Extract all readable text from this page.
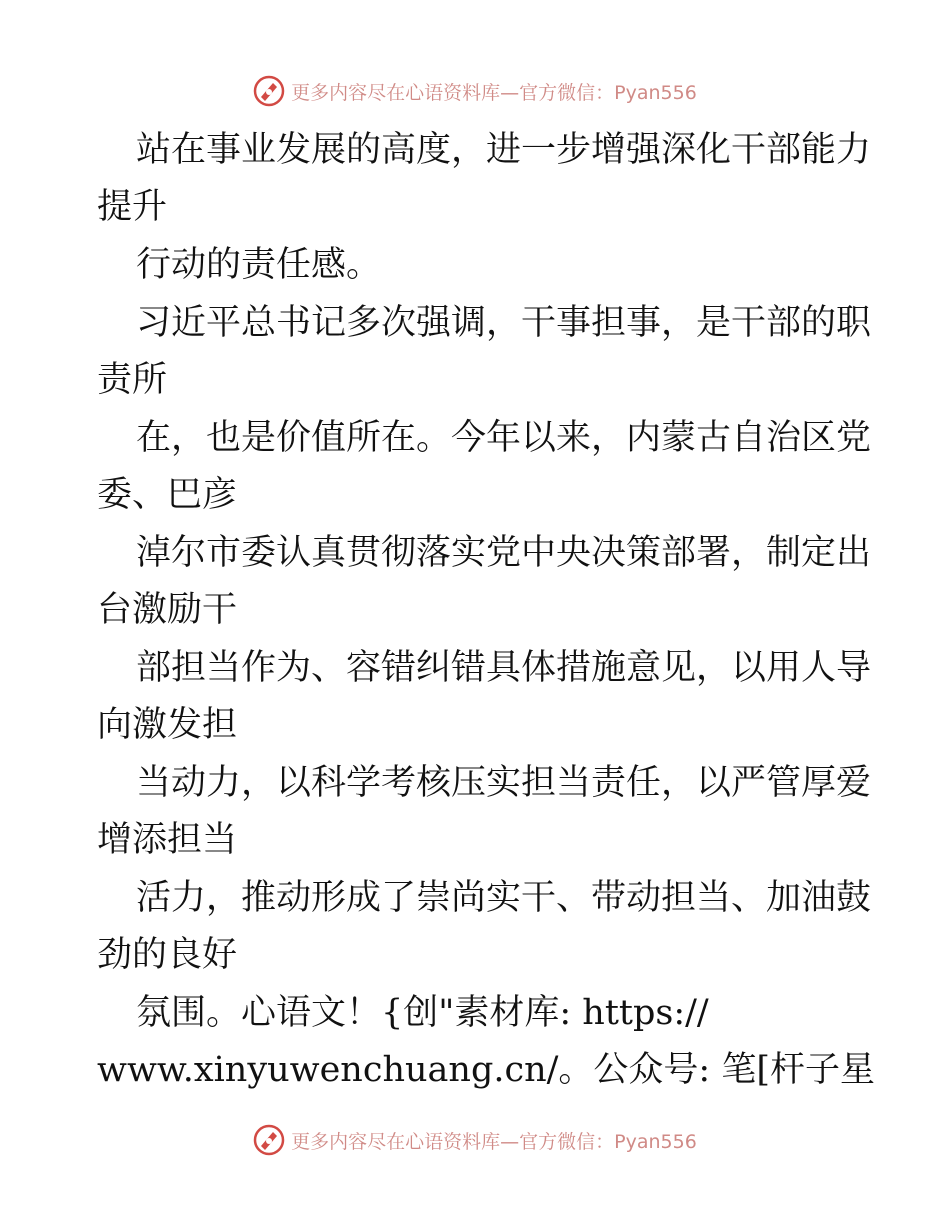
更多内容尽在心语资料库—官方微信：Pyan556
站在事业发展的高度，进一步增强深化干部能力
提升
行动的责任感。
习近平总书记多次强调，干事担事，是干部的职
责所
在，也是价值所在。今年以来，内蒙古自治区党
委、巴彦
淖尔市委认真贯彻落实党中央决策部署，制定出
台激励干
部担当作为、容错纠错具体措施意见，以用人导
向激发担
当动力，以科学考核压实担当责任，以严管厚爱
增添担当
活力，推动形成了崇尚实干、带动担当、加油鼓
劲的良好
氛围。心语文！{创"素材库: https://
www.xinyuwenchuang.cn/。公众号: 笔[杆子星
更多内容尽在心语资料库—官方微信：Pyan556
